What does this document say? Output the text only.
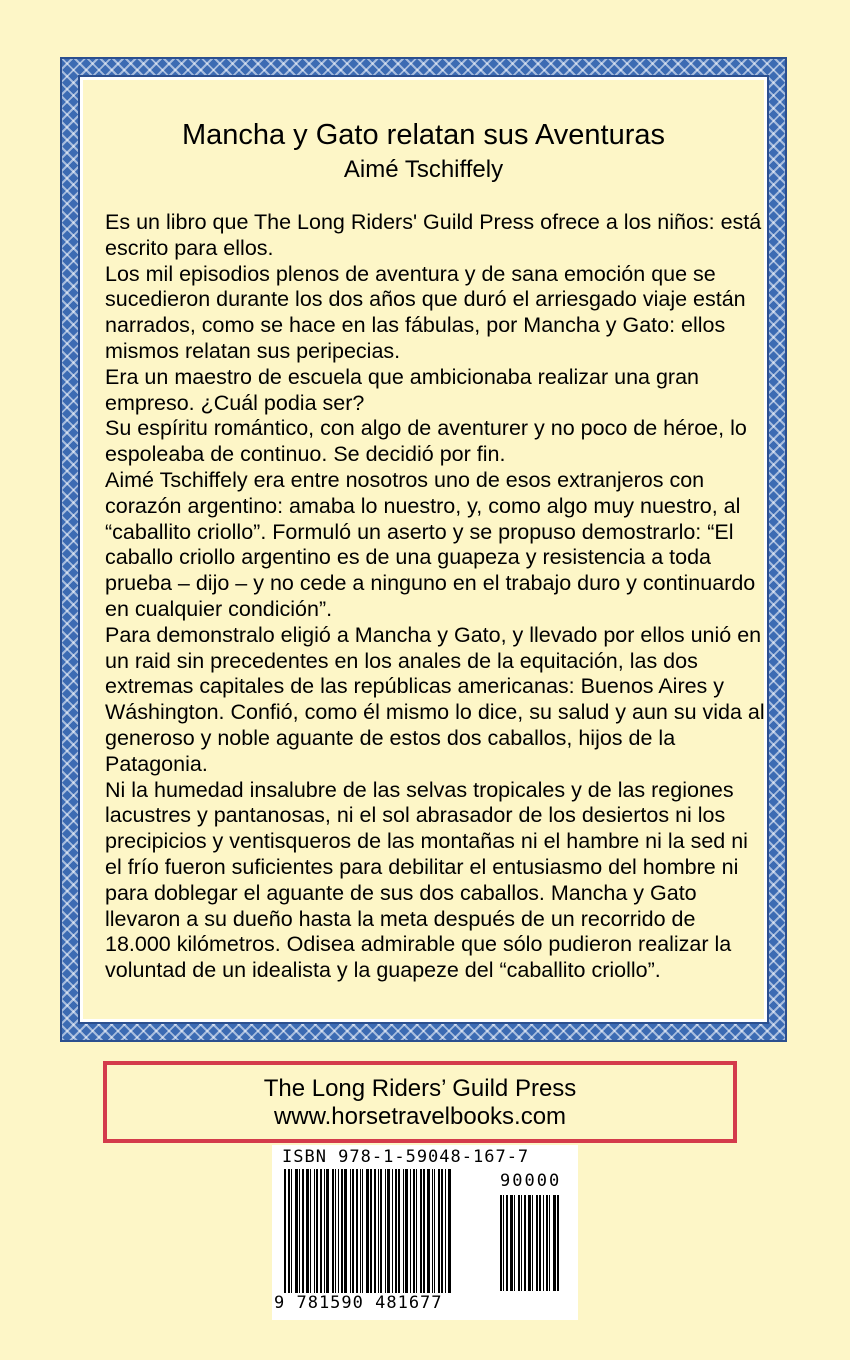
Mancha y Gato relatan sus Aventuras
Aimé Tschiffely

Es un libro que The Long Riders' Guild Press ofrece a los niños: está escrito para ellos.

Los mil episodios plenos de aventura y de sana emoción que se sucedieron durante los dos años que duró el arriesgado viaje están narrados, como se hace en las fábulas, por Mancha y Gato: ellos mismos relatan sus peripecias.

Era un maestro de escuela que ambicionaba realizar una gran empreso. ¿Cuál podia ser?

Su espíritu romántico, con algo de aventurer y no poco de héroe, lo espoleaba de continuo. Se decidió por fin.

Aimé Tschiffely era entre nosotros uno de esos extranjeros con corazón argentino: amaba lo nuestro, y, como algo muy nuestro, al “caballito criollo”. Formuló un aserto y se propuso demostrarlo: “El caballo criollo argentino es de una guapeza y resistencia a toda prueba – dijo – y no cede a ninguno en el trabajo duro y continuardo en cualquier condición”.

Para demonstralo eligió a Mancha y Gato, y llevado por ellos unió en un raid sin precedentes en los anales de la equitación, las dos extremas capitales de las repúblicas americanas: Buenos Aires y Wáshington. Confió, como él mismo lo dice, su salud y aun su vida al generoso y noble aguante de estos dos caballos, hijos de la Patagonia.

Ni la humedad insalubre de las selvas tropicales y de las regiones lacustres y pantanosas, ni el sol abrasador de los desiertos ni los precipicios y ventisqueros de las montañas ni el hambre ni la sed ni el frío fueron suficientes para debilitar el entusiasmo del hombre ni para doblegar el aguante de sus dos caballos. Mancha y Gato llevaron a su dueño hasta la meta después de un recorrido de 18.000 kilómetros. Odisea admirable que sólo pudieron realizar la voluntad de un idealista y la guapeze del “caballito criollo”.

The Long Riders’ Guild Press
www.horsetravelbooks.com
ISBN 978-1-59048-167-7
90000
9 781590 481677
